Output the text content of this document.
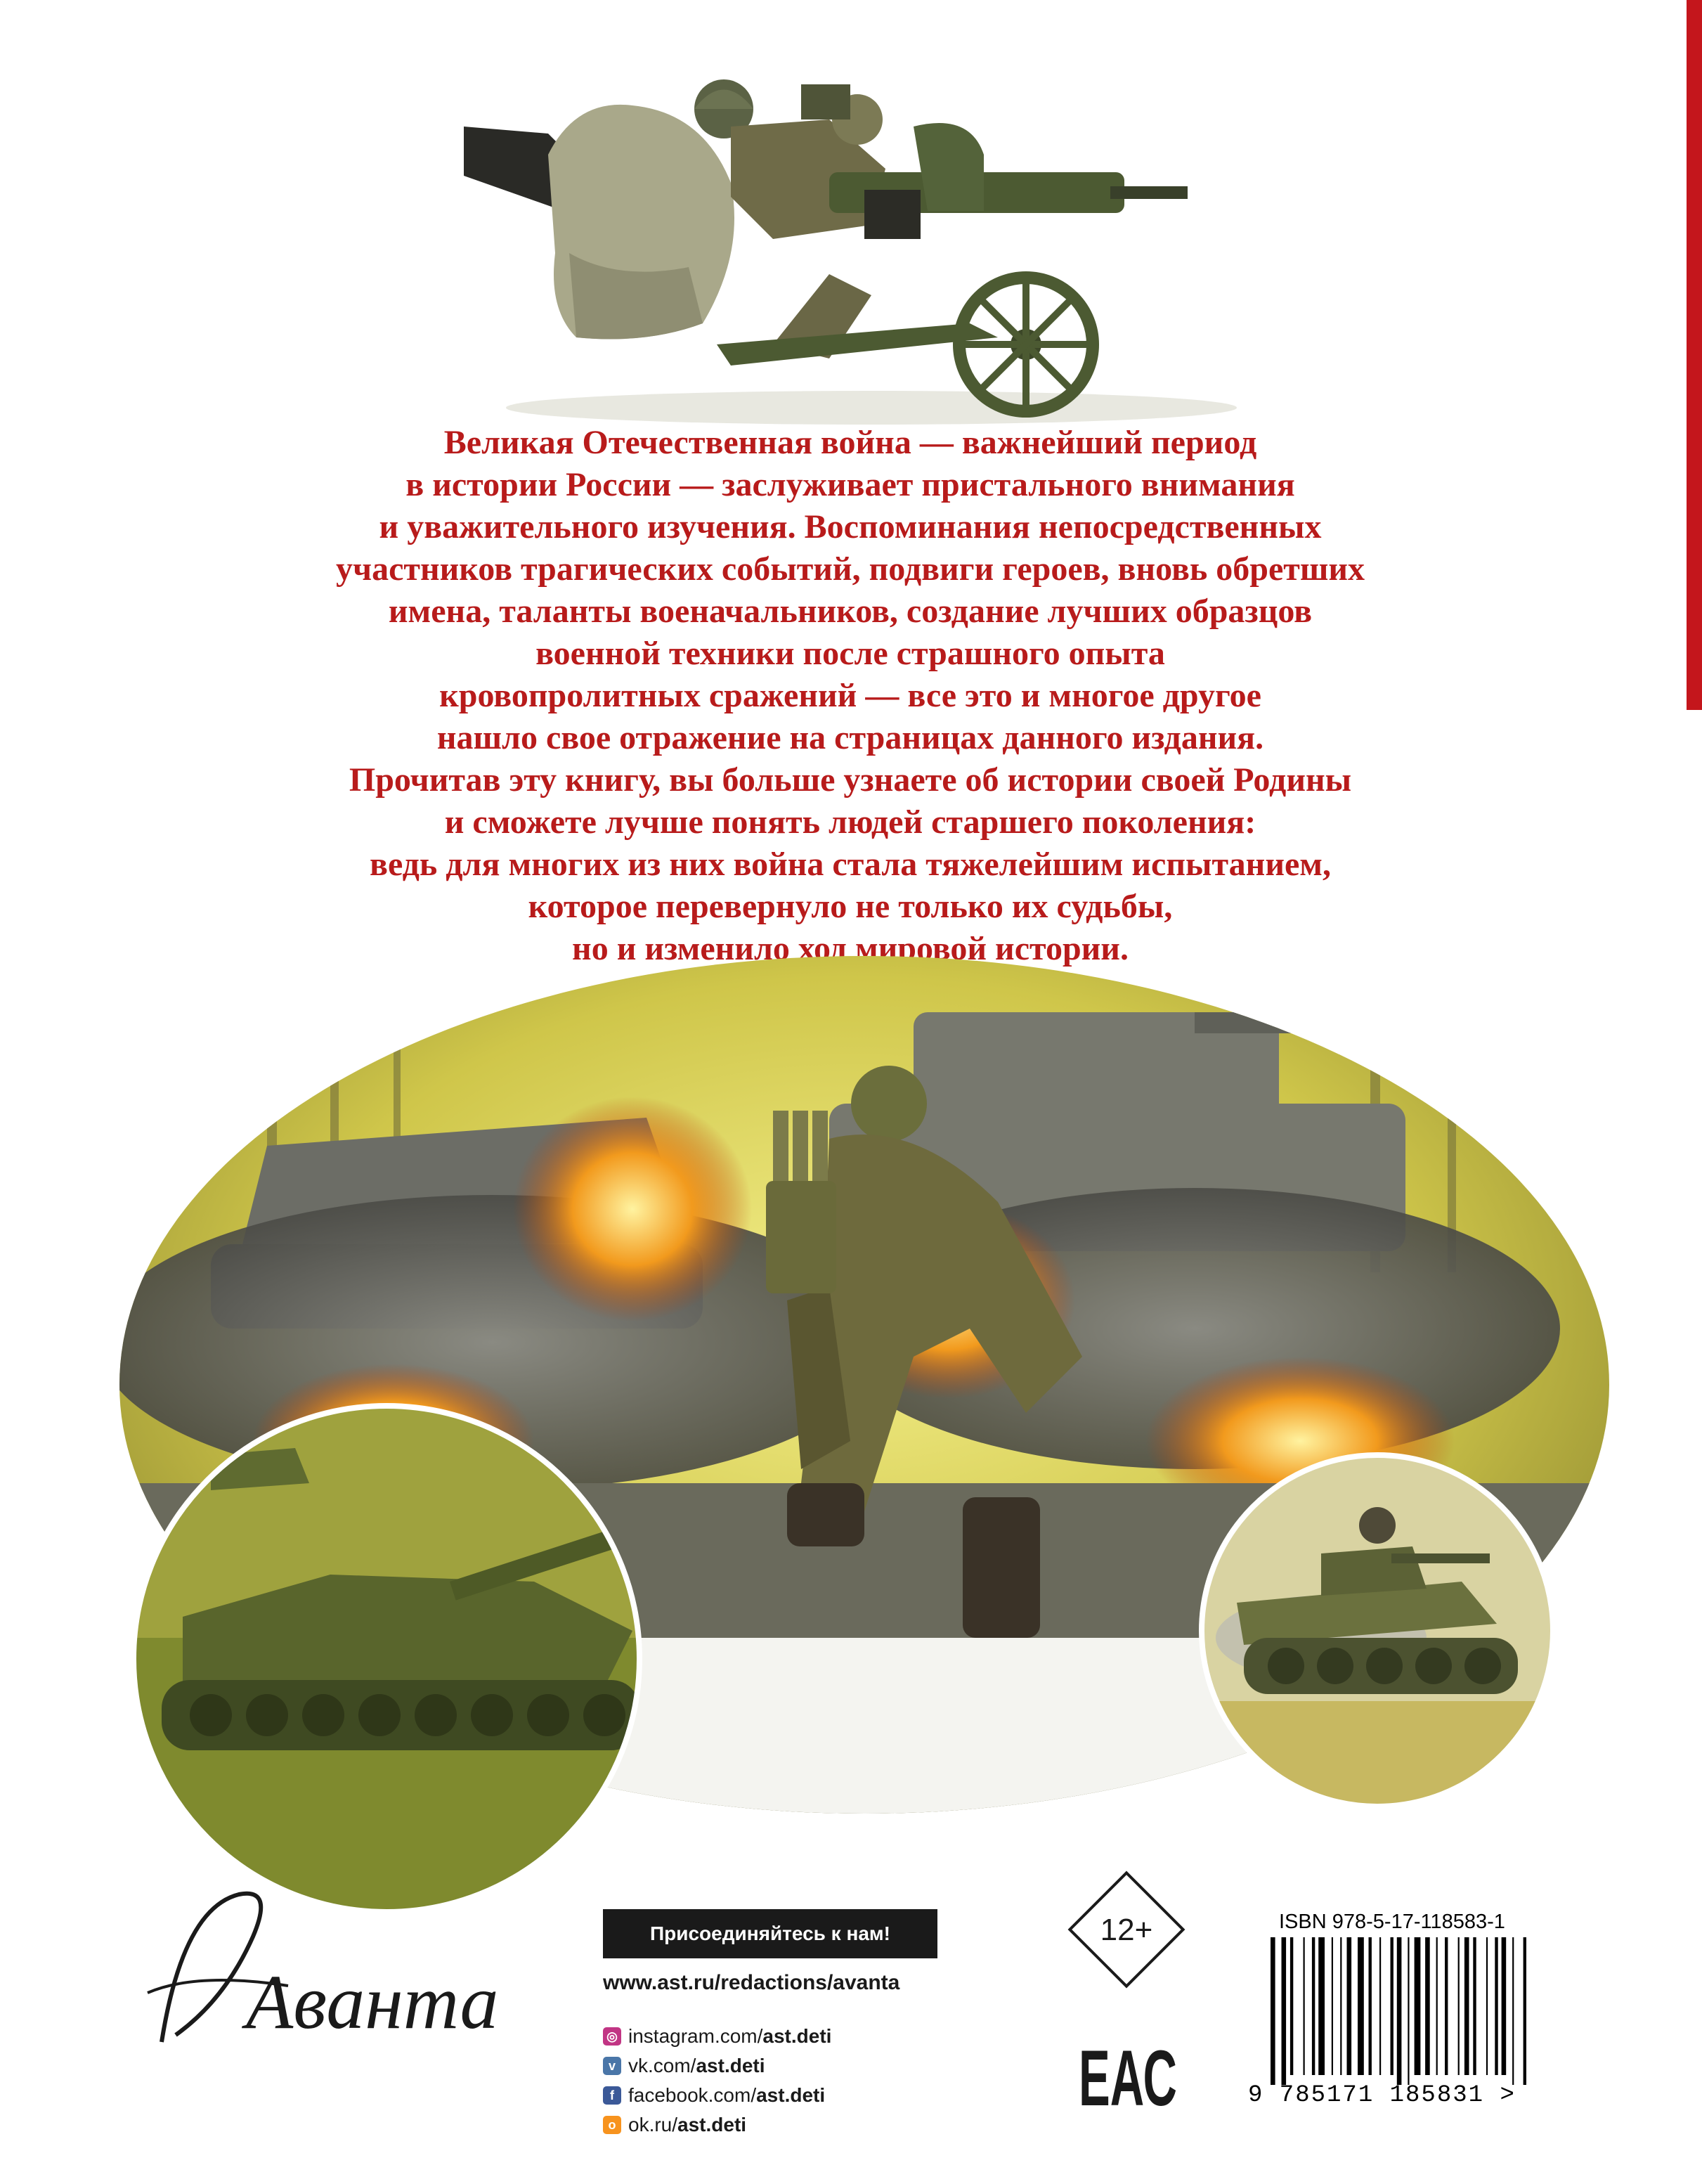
Великая Отечественная война — важнейший период
в истории России — заслуживает пристального внимания
и уважительного изучения. Воспоминания непосредственных
участников трагических событий, подвиги героев, вновь обретших
имена, таланты военачальников, создание лучших образцов
военной техники после страшного опыта
кровопролитных сражений — все это и многое другое
нашло свое отражение на страницах данного издания.
Прочитав эту книгу, вы больше узнаете об истории своей Родины
и сможете лучше понять людей старшего поколения:
ведь для многих из них война стала тяжелейшим испытанием,
которое перевернуло не только их судьбы,
но и изменило ход мировой истории.
Аванта
Присоединяйтесь к нам!
www.ast.ru/redactions/avanta
◎ instagram.com/ ast.deti
v vk.com/ ast.deti
f facebook.com/ ast.deti
о ok.ru/ ast.deti
12+
ЕАС
ISBN 978-5-17-118583-1
9 785171 185831 >
